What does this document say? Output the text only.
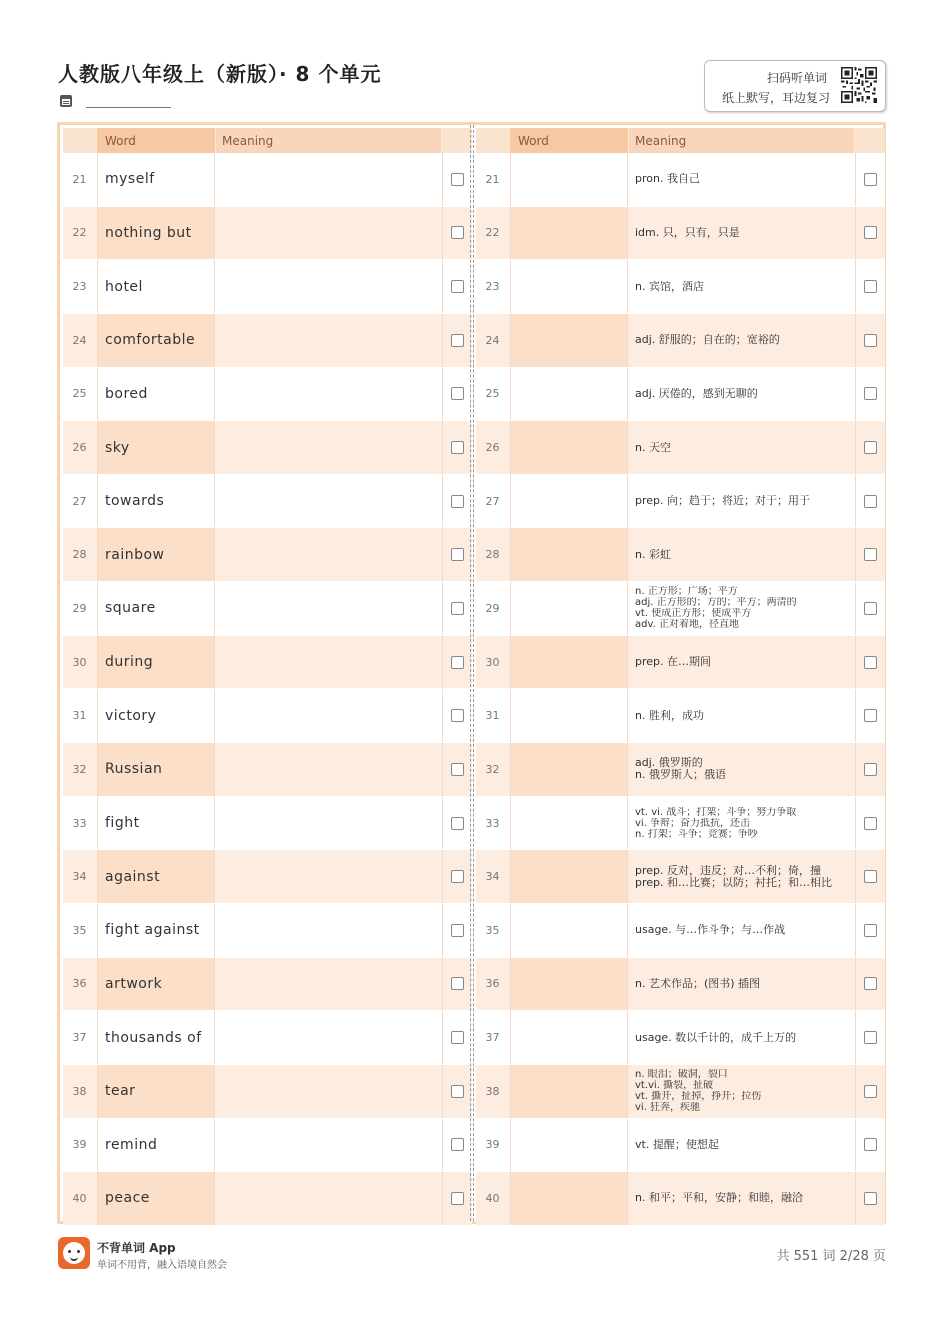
人教版八年级上（新版）· 8 个单元	扫码听单词
纸上默写，耳边复习
Word	Meaning
21	myself
22	nothing but
23	hotel
24	comfortable
25	bored
26	sky
27	towards
28	rainbow
29	square
30	during
31	victory
32	Russian
33	fight
34	against
35	fight against
36	artwork
37	thousands of
38	tear
39	remind
40	peace
Word	Meaning
21	pron. 我自己
22	idm. 只，只有，只是
23	n. 宾馆，酒店
24	adj. 舒服的；自在的；宽裕的
25	adj. 厌倦的，感到无聊的
26	n. 天空
27	prep. 向；趋于；将近；对于；用于
28	n. 彩虹
29
n. 正方形；广场；平方
adj. 正方形的；方的；平方；两清的
vt. 使成正方形；使成平方
adv. 正对着地，径直地
30	prep. 在…期间
31	n. 胜利，成功
32	adj. 俄罗斯的
n. 俄罗斯人；俄语
33
vt. vi. 战斗；打架；斗争；努力争取
vi. 争辩；奋力抵抗，还击
n. 打架；斗争；竞赛；争吵
34	prep. 反对，违反；对…不利；倚，撞
prep. 和…比赛；以防；衬托；和…相比
35	usage. 与…作斗争；与…作战
36	n. 艺术作品；(图书) 插图
37	usage. 数以千计的，成千上万的
38
n. 眼泪；破洞，裂口
vt.vi. 撕裂，扯破
vt. 撕开，扯掉，挣开；拉伤
vi. 狂奔，疾驰
39	vt. 提醒；使想起
40	n. 和平；平和，安静；和睦，融洽
不背单词 App
单词不用背，融入语境自然会
共 551 词 2/28 页
